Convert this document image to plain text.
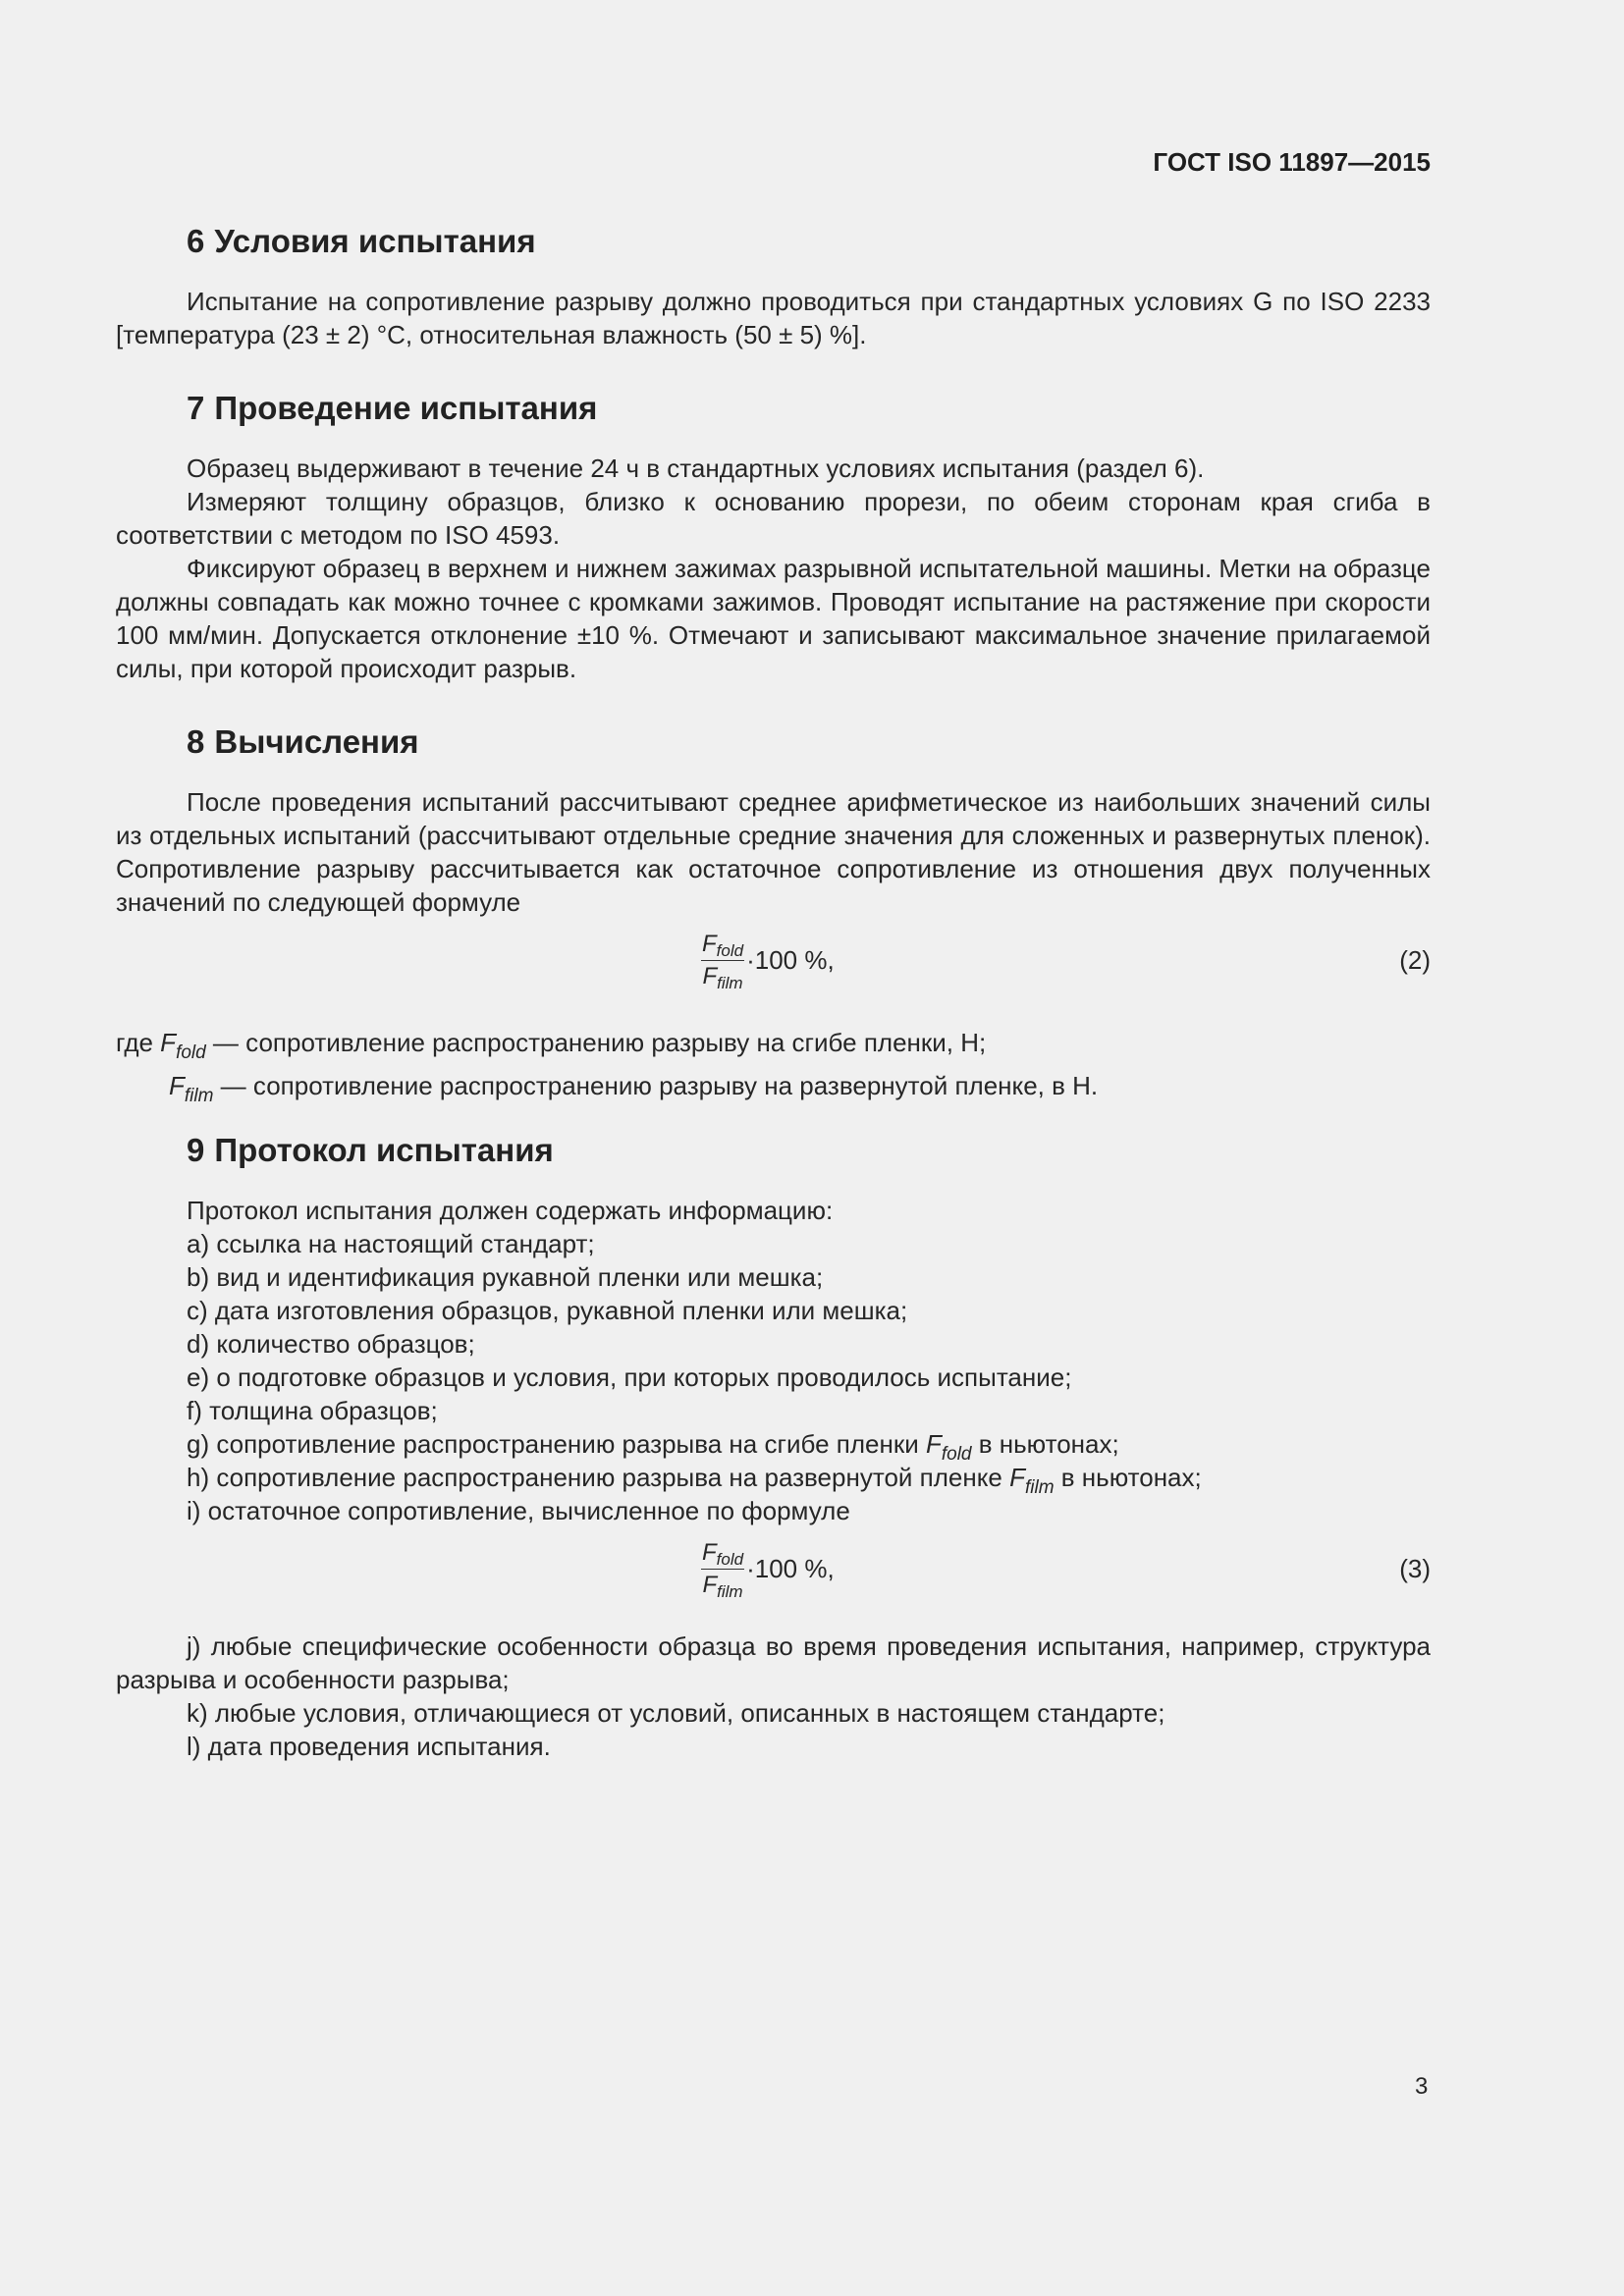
ГОСТ ISO 11897—2015
6 Условия испытания

Испытание на сопротивление разрыву должно проводиться при стандартных условиях G по ISO 2233 [температура (23 ± 2) °С, относительная влажность (50 ± 5) %].

7 Проведение испытания

Образец выдерживают в течение 24 ч в стандартных условиях испытания (раздел 6).

Измеряют толщину образцов, близко к основанию прорези, по обеим сторонам края сгиба в соответствии с методом по ISO 4593.

Фиксируют образец в верхнем и нижнем зажимах разрывной испытательной машины. Метки на образце должны совпадать как можно точнее с кромками зажимов. Проводят испытание на растяжение при скорости 100 мм/мин. Допускается отклонение ±10 %. Отмечают и записывают максимальное значение прилагаемой силы, при которой происходит разрыв.

8 Вычисления

После проведения испытаний рассчитывают среднее арифметическое из наибольших значений силы из отдельных испытаний (рассчитывают отдельные средние значения для сложенных и развернутых пленок). Сопротивление разрыву рассчитывается как остаточное сопротивление из отношения двух полученных значений по следующей формуле

$\frac{F_{fold}}{F_{film}} \cdot 100$ %,	(2)

где $F_{fold}$ — сопротивление распространению разрыву на сгибе пленки, Н;

$F_{film}$ — сопротивление распространению разрыву на развернутой пленке, в Н.

9 Протокол испытания

Протокол испытания должен содержать информацию:

а) ссылка на настоящий стандарт;

b) вид и идентификация рукавной пленки или мешка;

с) дата изготовления образцов, рукавной пленки или мешка;

d) количество образцов;

е) о подготовке образцов и условия, при которых проводилось испытание;

f) толщина образцов;

g) сопротивление распространению разрыва на сгибе пленки $F_{fold}$ в ньютонах;

h) сопротивление распространению разрыва на развернутой пленке $F_{film}$ в ньютонах;

i) остаточное сопротивление, вычисленное по формуле

$\frac{F_{fold}}{F_{film}} \cdot 100$ %,	(3)

j) любые специфические особенности образца во время проведения испытания, например, структура разрыва и особенности разрыва;

k) любые условия, отличающиеся от условий, описанных в настоящем стандарте;

l) дата проведения испытания.

3
